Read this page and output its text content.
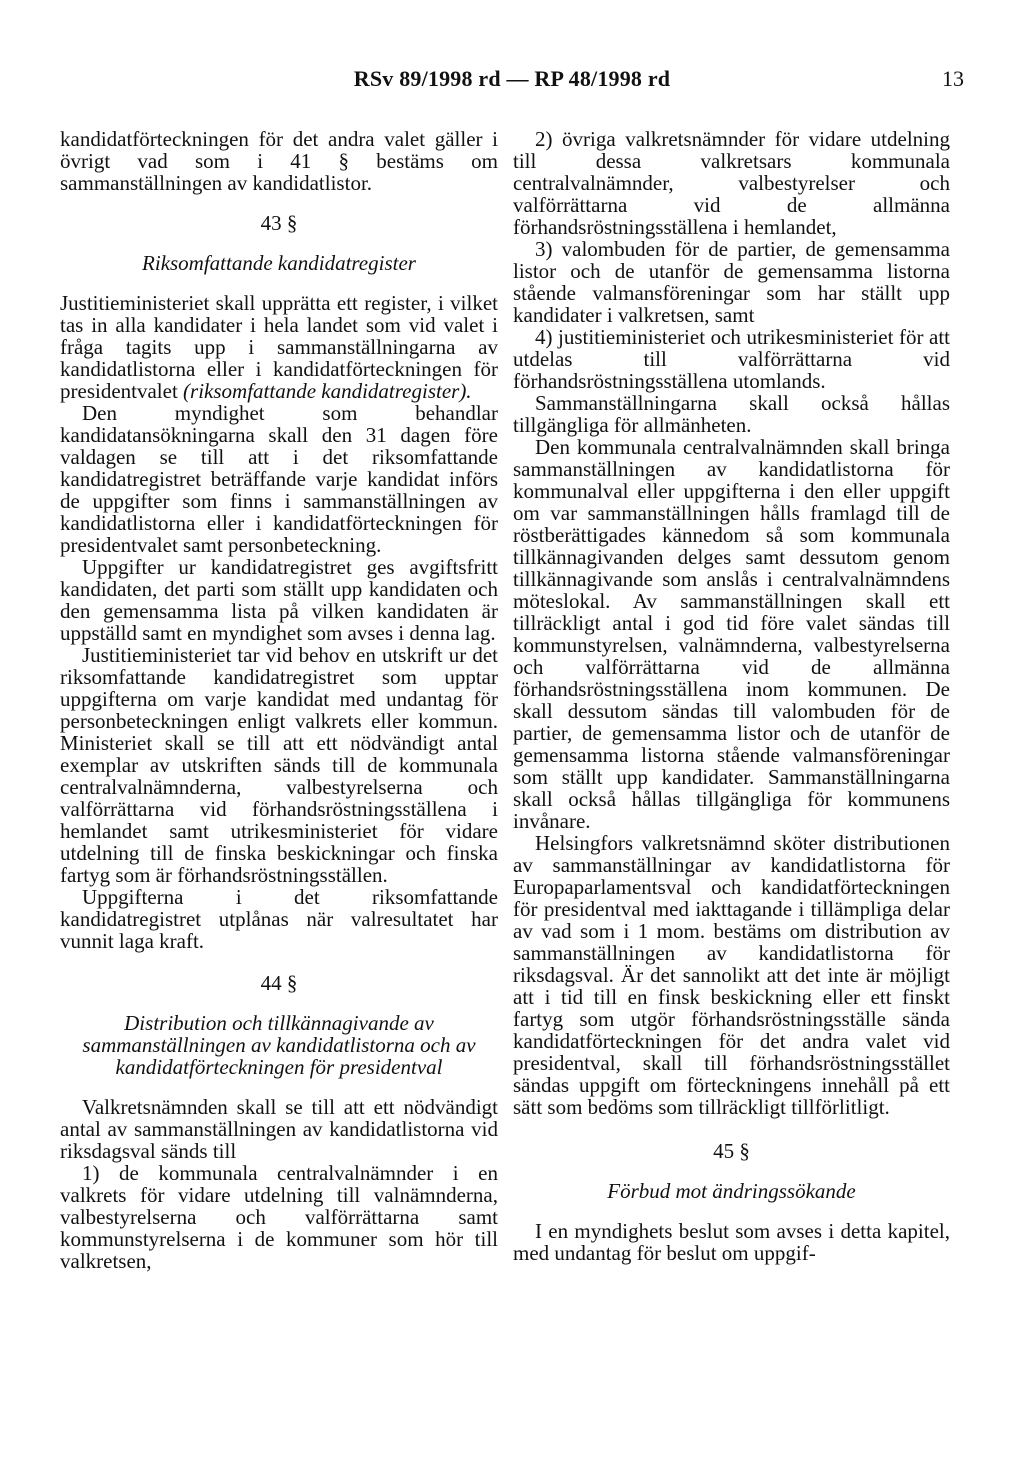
RSv 89/1998 rd — RP 48/1998 rd	13

kandidatförteckningen för det andra valet gäller i övrigt vad som i 41 § bestäms om sammanställningen av kandidatlistor.

43 §

Riksomfattande kandidatregister

Justitieministeriet skall upprätta ett register, i vilket tas in alla kandidater i hela landet som vid valet i fråga tagits upp i sammanställningarna av kandidatlistorna eller i kandidatförteckningen för presidentvalet (riksomfattande kandidatregister).

Den myndighet som behandlar kandidatansökningarna skall den 31 dagen före valdagen se till att i det riksomfattande kandidatregistret beträffande varje kandidat införs de uppgifter som finns i sammanställningen av kandidatlistorna eller i kandidatförteckningen för presidentvalet samt personbeteckning.

Uppgifter ur kandidatregistret ges avgiftsfritt kandidaten, det parti som ställt upp kandidaten och den gemensamma lista på vilken kandidaten är uppställd samt en myndighet som avses i denna lag.

Justitieministeriet tar vid behov en utskrift ur det riksomfattande kandidatregistret som upptar uppgifterna om varje kandidat med undantag för personbeteckningen enligt valkrets eller kommun. Ministeriet skall se till att ett nödvändigt antal exemplar av utskriften sänds till de kommunala centralvalnämnderna, valbestyrelserna och valförrättarna vid förhandsröstningsställena i hemlandet samt utrikesministeriet för vidare utdelning till de finska beskickningar och finska fartyg som är förhandsröstningsställen.

Uppgifterna i det riksomfattande kandidatregistret utplånas när valresultatet har vunnit laga kraft.

44 §

Distribution och tillkännagivande av sammanställningen av kandidatlistorna och av kandidatförteckningen för presidentval

Valkretsnämnden skall se till att ett nödvändigt antal av sammanställningen av kandidatlistorna vid riksdagsval sänds till

1) de kommunala centralvalnämnder i en valkrets för vidare utdelning till valnämnderna, valbestyrelserna och valförrättarna samt kommunstyrelserna i de kommuner som hör till valkretsen,

2) övriga valkretsnämnder för vidare utdelning till dessa valkretsars kommunala centralvalnämnder, valbestyrelser och valförrättarna vid de allmänna förhandsröstningsställena i hemlandet,

3) valombuden för de partier, de gemensamma listor och de utanför de gemensamma listorna stående valmansföreningar som har ställt upp kandidater i valkretsen, samt

4) justitieministeriet och utrikesministeriet för att utdelas till valförrättarna vid förhandsröstningsställena utomlands.

Sammanställningarna skall också hållas tillgängliga för allmänheten.

Den kommunala centralvalnämnden skall bringa sammanställningen av kandidatlistorna för kommunalval eller uppgifterna i den eller uppgift om var sammanställningen hålls framlagd till de röstberättigades kännedom så som kommunala tillkännagivanden delges samt dessutom genom tillkännagivande som anslås i centralvalnämndens möteslokal. Av sammanställningen skall ett tillräckligt antal i god tid före valet sändas till kommunstyrelsen, valnämnderna, valbestyrelserna och valförrättarna vid de allmänna förhandsröstningsställena inom kommunen. De skall dessutom sändas till valombuden för de partier, de gemensamma listor och de utanför de gemensamma listorna stående valmansföreningar som ställt upp kandidater. Sammanställningarna skall också hållas tillgängliga för kommunens invånare.

Helsingfors valkretsnämnd sköter distributionen av sammanställningar av kandidatlistorna för Europaparlamentsval och kandidatförteckningen för presidentval med iakttagande i tillämpliga delar av vad som i 1 mom. bestäms om distribution av sammanställningen av kandidatlistorna för riksdagsval. Är det sannolikt att det inte är möjligt att i tid till en finsk beskickning eller ett finskt fartyg som utgör förhandsröstningsställe sända kandidatförteckningen för det andra valet vid presidentval, skall till förhandsröstningsstället sändas uppgift om förteckningens innehåll på ett sätt som bedöms som tillräckligt tillförlitligt.

45 §

Förbud mot ändringssökande

I en myndighets beslut som avses i detta kapitel, med undantag för beslut om uppgif-
